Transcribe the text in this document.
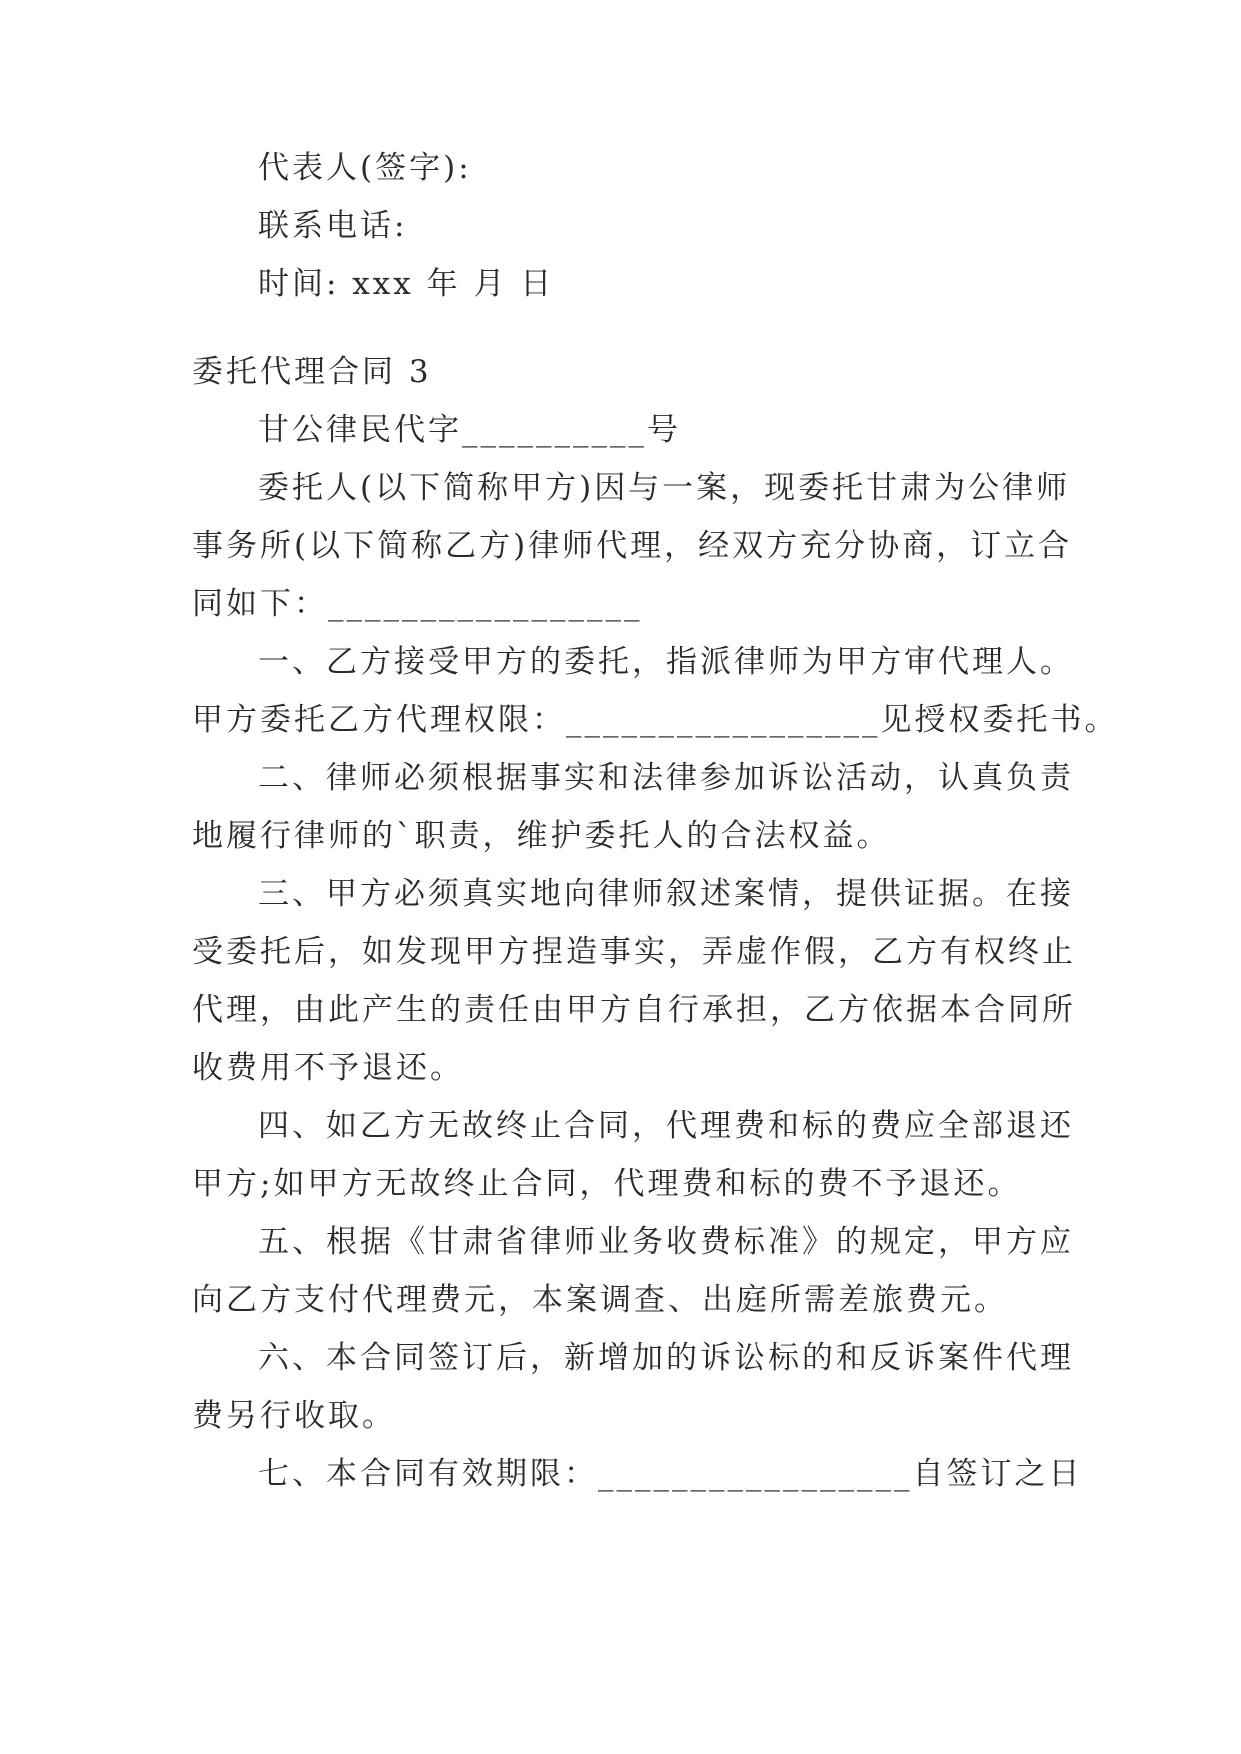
代表人(签字):
联系电话:
时间: xxx 年 月 日
委托代理合同 3
甘公律民代字__________号
委托人(以下简称甲方)因与一案，现委托甘肃为公律师
事务所(以下简称乙方)律师代理，经双方充分协商，订立合
同如下：_________________
一、乙方接受甲方的委托，指派律师为甲方审代理人。
甲方委托乙方代理权限：_________________见授权委托书。
二、律师必须根据事实和法律参加诉讼活动，认真负责
地履行律师的`职责，维护委托人的合法权益。
三、甲方必须真实地向律师叙述案情，提供证据。在接
受委托后，如发现甲方捏造事实，弄虚作假，乙方有权终止
代理，由此产生的责任由甲方自行承担，乙方依据本合同所
收费用不予退还。
四、如乙方无故终止合同，代理费和标的费应全部退还
甲方;如甲方无故终止合同，代理费和标的费不予退还。
五、根据《甘肃省律师业务收费标准》的规定，甲方应
向乙方支付代理费元，本案调查、出庭所需差旅费元。
六、本合同签订后，新增加的诉讼标的和反诉案件代理
费另行收取。
七、本合同有效期限：_________________自签订之日
